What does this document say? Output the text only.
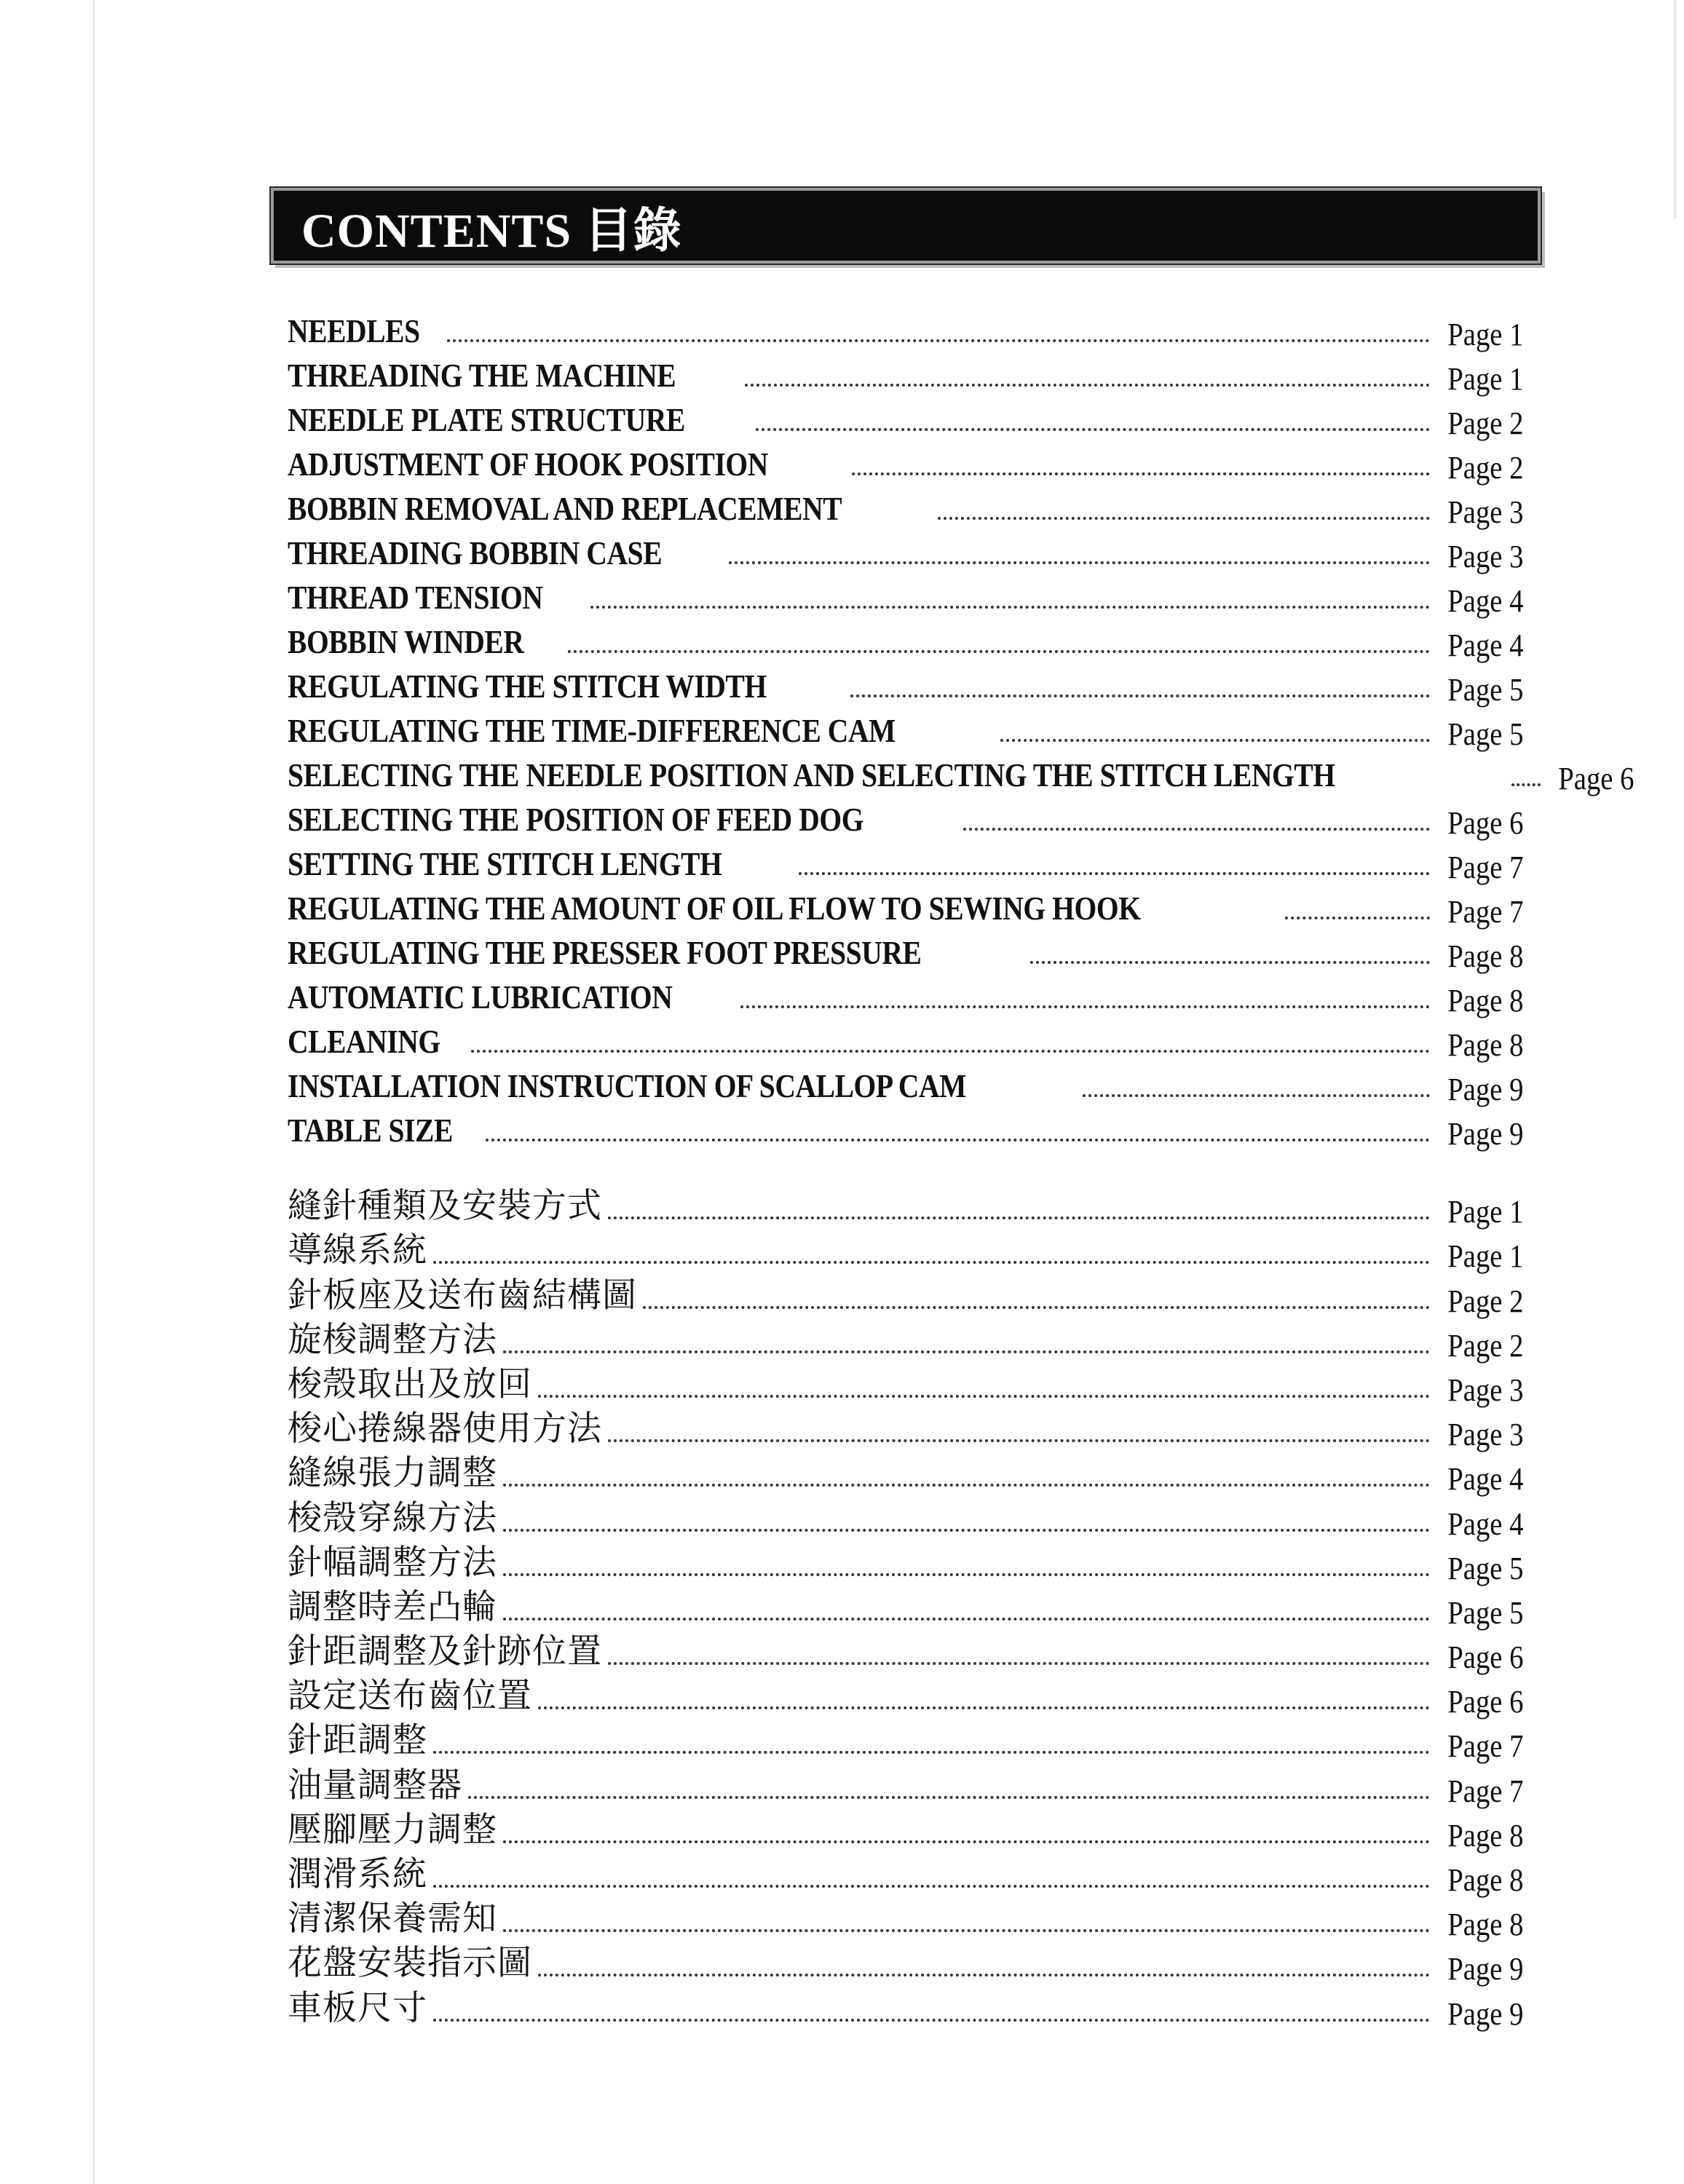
CONTENTS 目錄
NEEDLES	Page 1
THREADING THE MACHINE	Page 1
NEEDLE PLATE STRUCTURE	Page 2
ADJUSTMENT OF HOOK POSITION	Page 2
BOBBIN REMOVAL AND REPLACEMENT	Page 3
THREADING BOBBIN CASE	Page 3
THREAD TENSION	Page 4
BOBBIN WINDER	Page 4
REGULATING THE STITCH WIDTH	Page 5
REGULATING THE TIME-DIFFERENCE CAM	Page 5
SELECTING THE NEEDLE POSITION AND SELECTING THE STITCH LENGTH	Page 6
SELECTING THE POSITION OF FEED DOG	Page 6
SETTING THE STITCH LENGTH	Page 7
REGULATING THE AMOUNT OF OIL FLOW TO SEWING HOOK	Page 7
REGULATING THE PRESSER FOOT PRESSURE	Page 8
AUTOMATIC LUBRICATION	Page 8
CLEANING	Page 8
INSTALLATION INSTRUCTION OF SCALLOP CAM	Page 9
TABLE SIZE	Page 9
縫針種類及安裝方式	Page 1
導線系統	Page 1
針板座及送布齒結構圖	Page 2
旋梭調整方法	Page 2
梭殼取出及放回	Page 3
梭心捲線器使用方法	Page 3
縫線張力調整	Page 4
梭殼穿線方法	Page 4
針幅調整方法	Page 5
調整時差凸輪	Page 5
針距調整及針跡位置	Page 6
設定送布齒位置	Page 6
針距調整	Page 7
油量調整器	Page 7
壓腳壓力調整	Page 8
潤滑系統	Page 8
清潔保養需知	Page 8
花盤安裝指示圖	Page 9
車板尺寸	Page 9
